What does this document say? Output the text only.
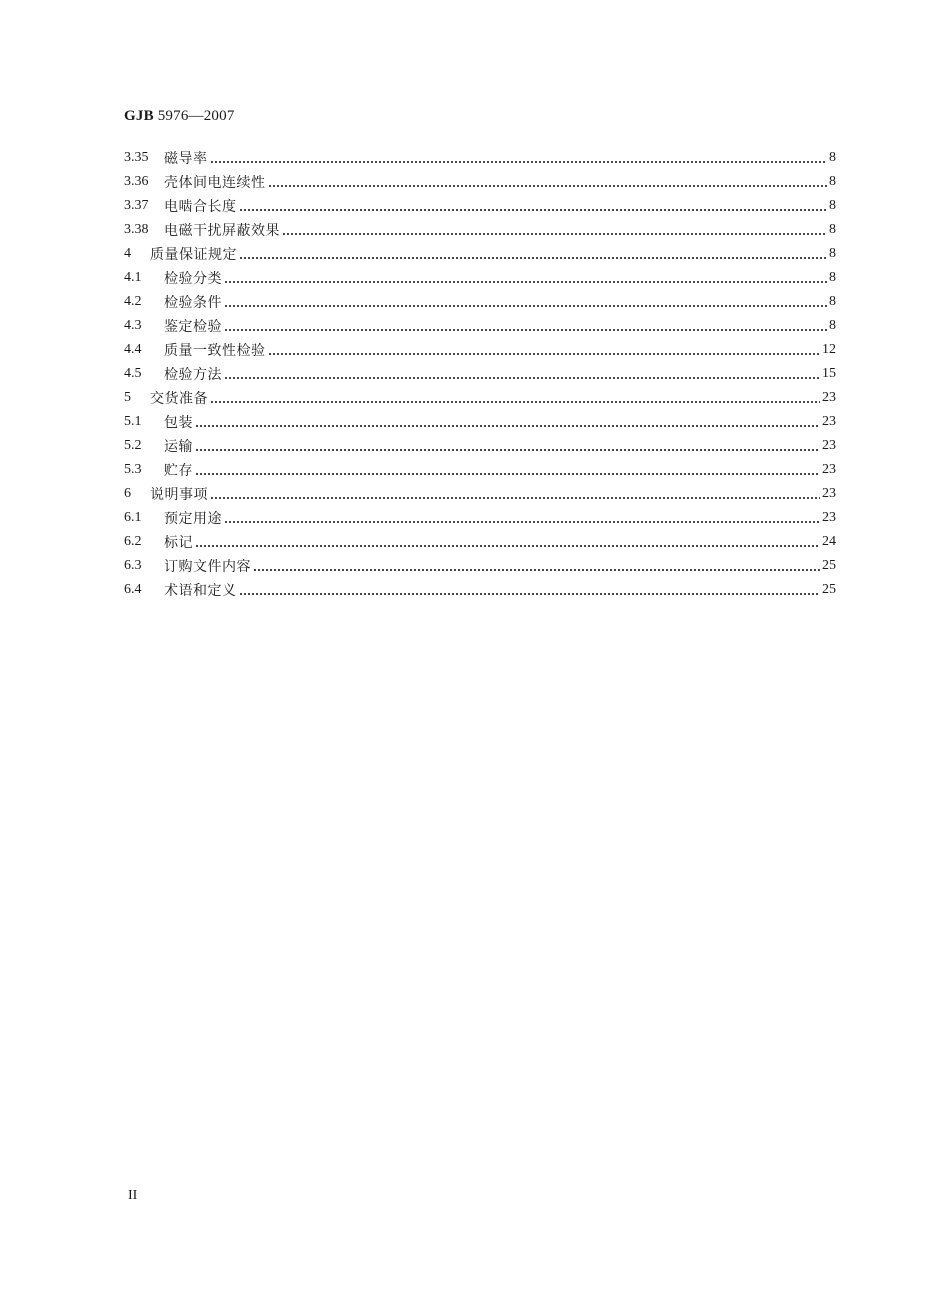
GJB 5976—2007
3.35	磁导率	8
3.36	壳体间电连续性	8
3.37	电啮合长度	8
3.38	电磁干扰屏蔽效果	8
4	质量保证规定	8
4.1	检验分类	8
4.2	检验条件	8
4.3	鉴定检验	8
4.4	质量一致性检验	12
4.5	检验方法	15
5	交货准备	23
5.1	包装	23
5.2	运输	23
5.3	贮存	23
6	说明事项	23
6.1	预定用途	23
6.2	标记	24
6.3	订购文件内容	25
6.4	术语和定义	25
II
